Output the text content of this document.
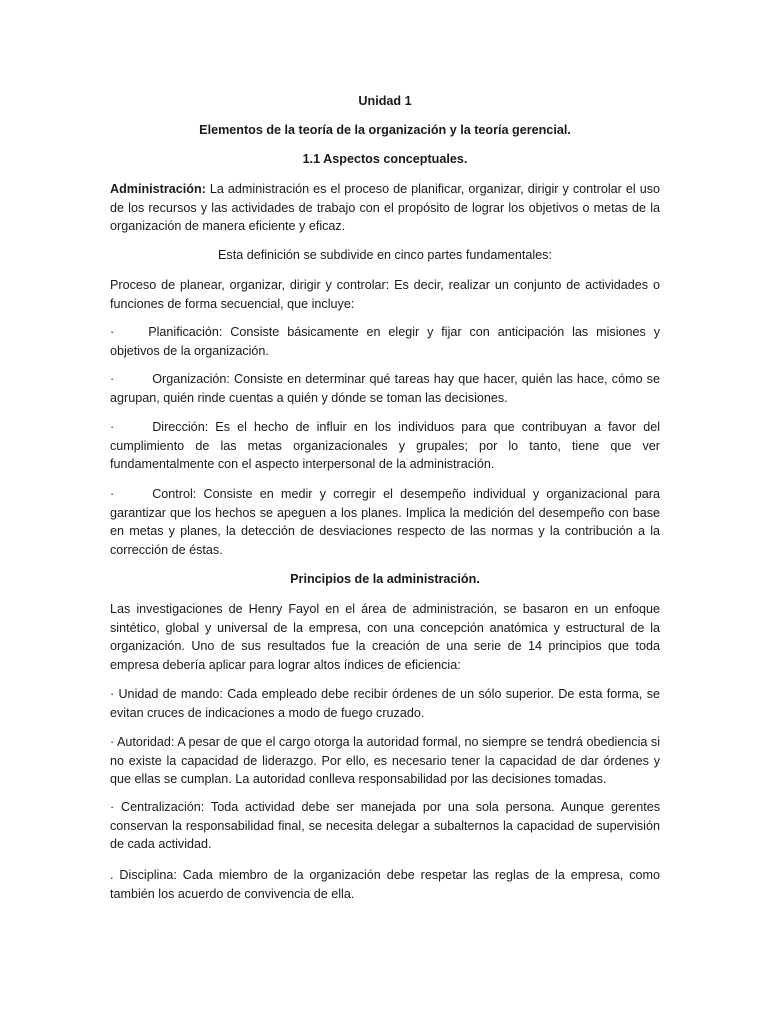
Unidad 1
Elementos de la teoría de la organización y la teoría gerencial.
1.1 Aspectos conceptuales.
Administración: La administración es el proceso de planificar, organizar, dirigir y controlar el uso de los recursos y las actividades de trabajo con el propósito de lograr los objetivos o metas de la organización de manera eficiente y eficaz.
Esta definición se subdivide en cinco partes fundamentales:
Proceso de planear, organizar, dirigir y controlar: Es decir, realizar un conjunto de actividades o funciones de forma secuencial, que incluye:
·	Planificación: Consiste básicamente en elegir y fijar con anticipación las misiones y objetivos de la organización.
·	Organización: Consiste en determinar qué tareas hay que hacer, quién las hace, cómo se agrupan, quién rinde cuentas a quién y dónde se toman las decisiones.
·	Dirección: Es el hecho de influir en los individuos para que contribuyan a favor del cumplimiento de las metas organizacionales y grupales; por lo tanto, tiene que ver fundamentalmente con el aspecto interpersonal de la administración.
·	Control: Consiste en medir y corregir el desempeño individual y organizacional para garantizar que los hechos se apeguen a los planes. Implica la medición del desempeño con base en metas y planes, la detección de desviaciones respecto de las normas y la contribución a la corrección de éstas.
Principios de la administración.
Las investigaciones de Henry Fayol en el área de administración, se basaron en un enfoque sintético, global y universal de la empresa, con una concepción anatómica y estructural de la organización. Uno de sus resultados fue la creación de una serie de 14 principios que toda empresa debería aplicar para lograr altos índices de eficiencia:
· Unidad de mando: Cada empleado debe recibir órdenes de un sólo superior. De esta forma, se evitan cruces de indicaciones a modo de fuego cruzado.
· Autoridad: A pesar de que el cargo otorga la autoridad formal, no siempre se tendrá obediencia si no existe la capacidad de liderazgo. Por ello, es necesario tener la capacidad de dar órdenes y que ellas se cumplan. La autoridad conlleva responsabilidad por las decisiones tomadas.
· Centralización: Toda actividad debe ser manejada por una sola persona. Aunque gerentes conservan la responsabilidad final, se necesita delegar a subalternos la capacidad de supervisión de cada actividad.
. Disciplina: Cada miembro de la organización debe respetar las reglas de la empresa, como también los acuerdo de convivencia de ella.
